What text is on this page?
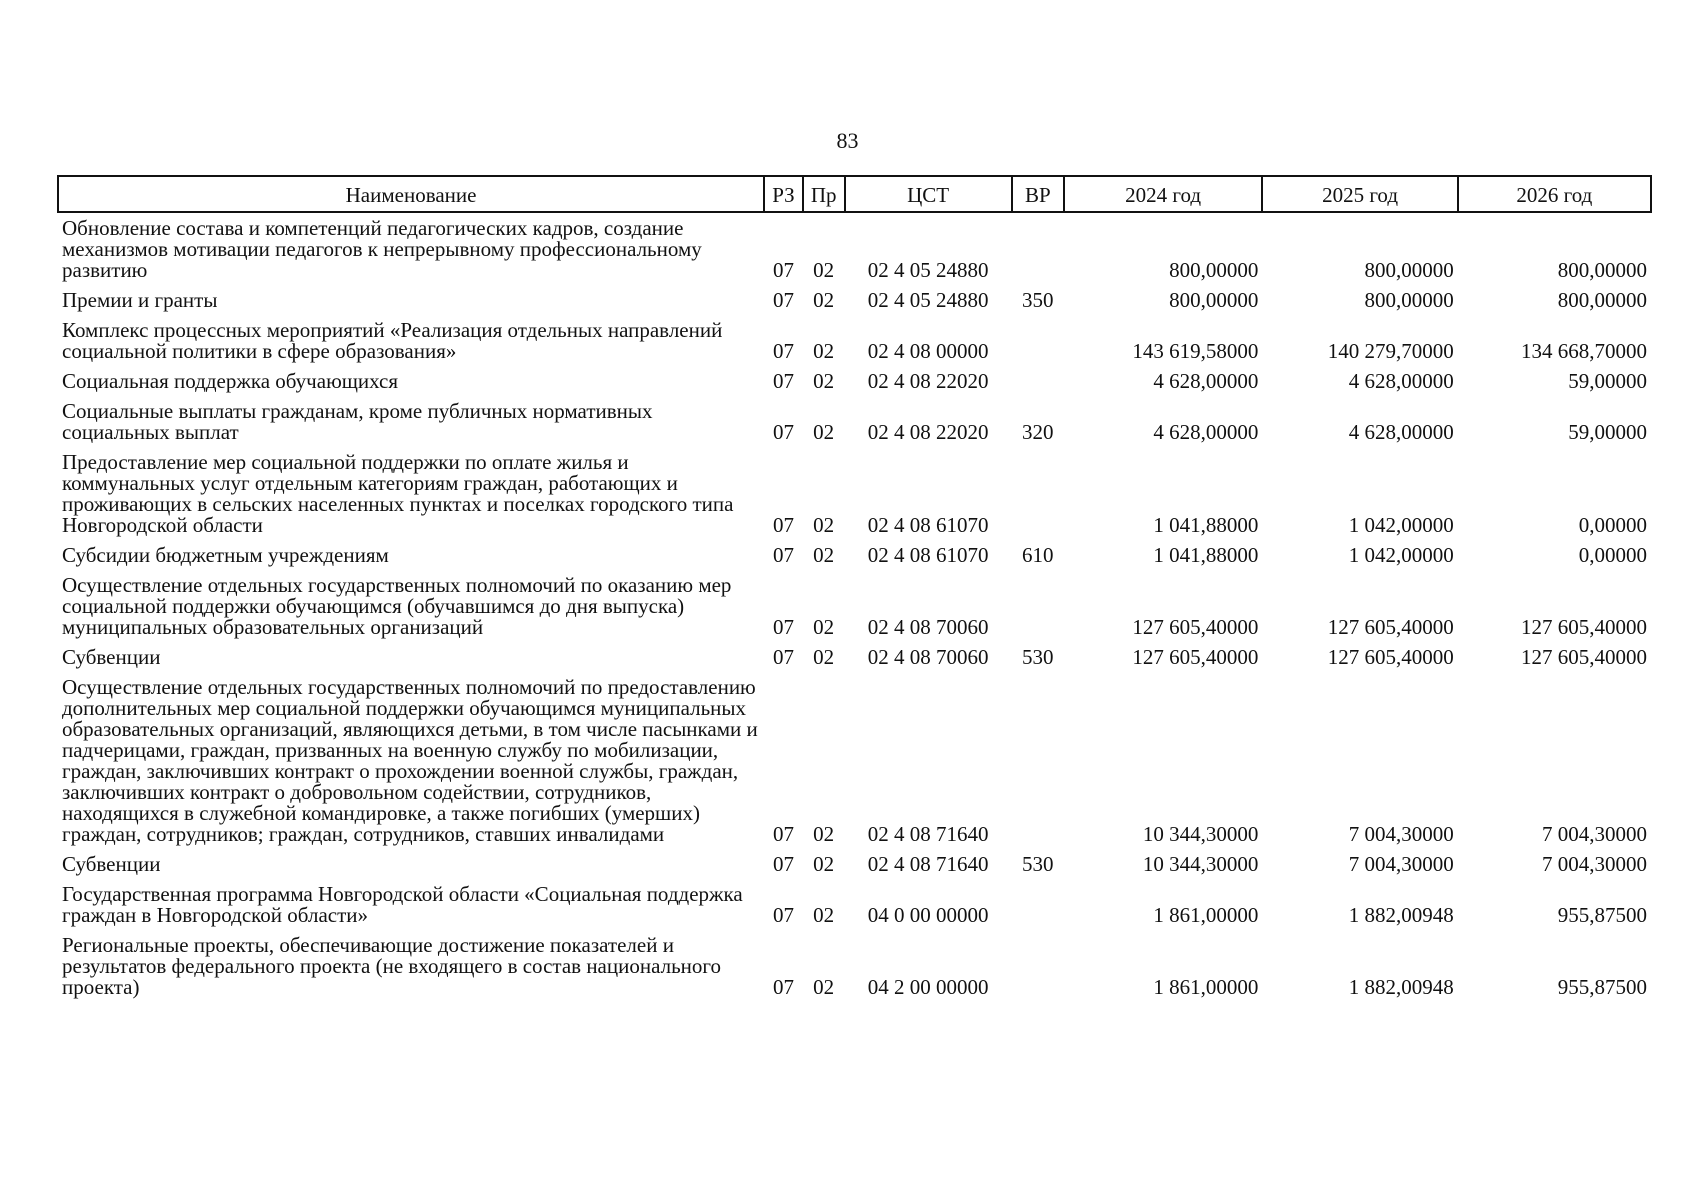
83
Наименование	РЗ	Пр	ЦСТ	ВР	2024 год	2025 год	2026 год
Обновление состава и компетенций педагогических кадров, создание механизмов мотивации педагогов к непрерывному профессиональному развитию	07	02	02 4 05 24880		800,00000	800,00000	800,00000
Премии и гранты	07	02	02 4 05 24880	350	800,00000	800,00000	800,00000
Комплекс процессных мероприятий «Реализация отдельных направлений социальной политики в сфере образования»	07	02	02 4 08 00000		143 619,58000	140 279,70000	134 668,70000
Социальная поддержка обучающихся	07	02	02 4 08 22020		4 628,00000	4 628,00000	59,00000
Социальные выплаты гражданам, кроме публичных нормативных социальных выплат	07	02	02 4 08 22020	320	4 628,00000	4 628,00000	59,00000
Предоставление мер социальной поддержки по оплате жилья и коммунальных услуг отдельным категориям граждан, работающих и проживающих в сельских населенных пунктах и поселках городского типа Новгородской области	07	02	02 4 08 61070		1 041,88000	1 042,00000	0,00000
Субсидии бюджетным учреждениям	07	02	02 4 08 61070	610	1 041,88000	1 042,00000	0,00000
Осуществление отдельных государственных полномочий по оказанию мер социальной поддержки обучающимся (обучавшимся до дня выпуска) муниципальных образовательных организаций	07	02	02 4 08 70060		127 605,40000	127 605,40000	127 605,40000
Субвенции	07	02	02 4 08 70060	530	127 605,40000	127 605,40000	127 605,40000
Осуществление отдельных государственных полномочий по предоставлению дополнительных мер социальной поддержки обучающимся муниципальных образовательных организаций, являющихся детьми, в том числе пасынками и падчерицами, граждан, призванных на военную службу по мобилизации, граждан, заключивших контракт о прохождении военной службы, граждан, заключивших контракт о добровольном содействии, сотрудников, находящихся в служебной командировке, а также погибших (умерших) граждан, сотрудников; граждан, сотрудников, ставших инвалидами	07	02	02 4 08 71640		10 344,30000	7 004,30000	7 004,30000
Субвенции	07	02	02 4 08 71640	530	10 344,30000	7 004,30000	7 004,30000
Государственная программа Новгородской области «Социальная поддержка граждан в Новгородской области»	07	02	04 0 00 00000		1 861,00000	1 882,00948	955,87500
Региональные проекты, обеспечивающие достижение показателей и результатов федерального проекта (не входящего в состав национального проекта)	07	02	04 2 00 00000		1 861,00000	1 882,00948	955,87500
